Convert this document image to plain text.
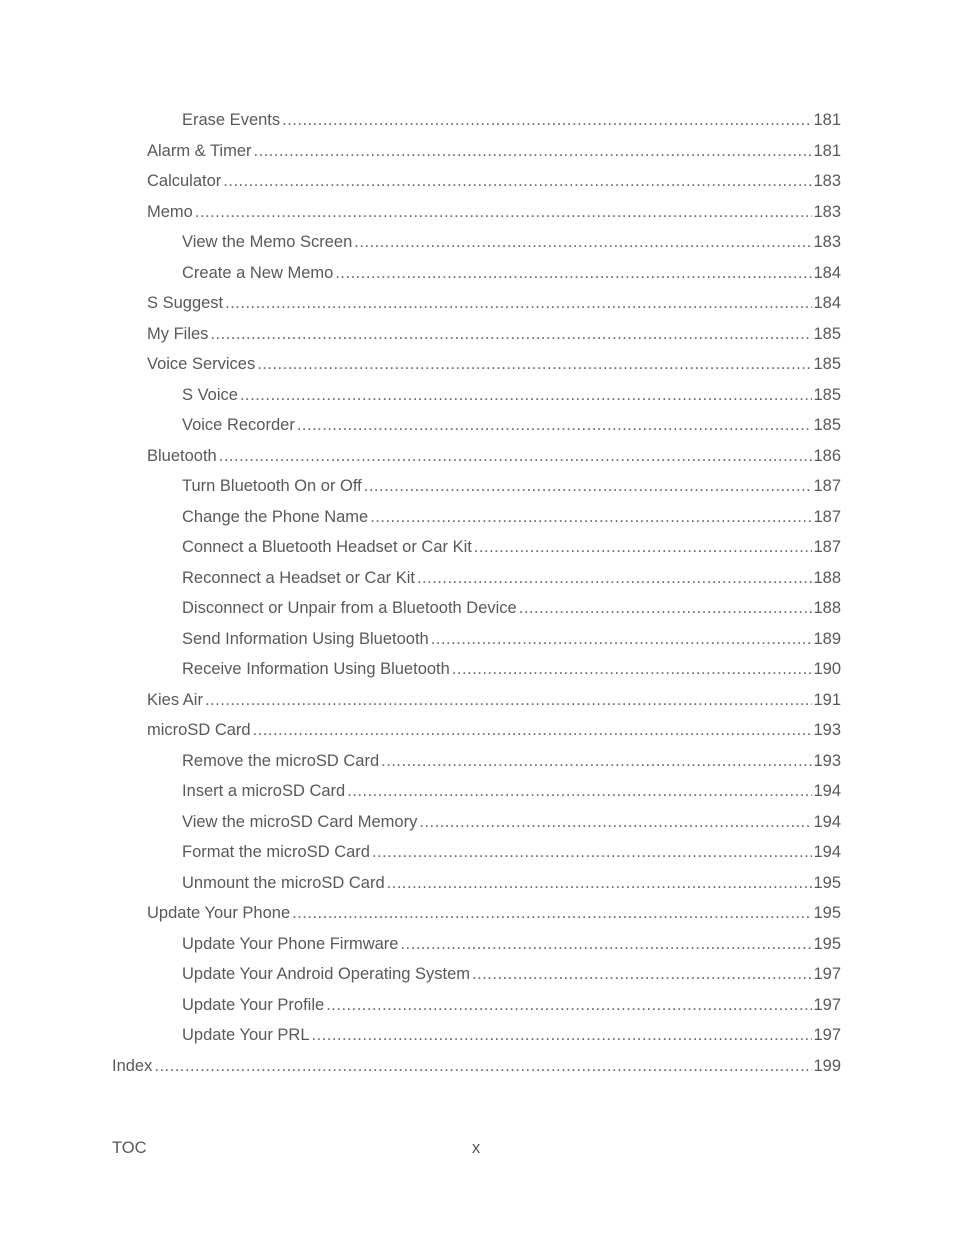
Erase Events .....	181
Alarm & Timer .....	181
Calculator .....	183
Memo .....	183
View the Memo Screen .....	183
Create a New Memo .....	184
S Suggest .....	184
My Files .....	185
Voice Services .....	185
S Voice .....	185
Voice Recorder .....	185
Bluetooth .....	186
Turn Bluetooth On or Off .....	187
Change the Phone Name .....	187
Connect a Bluetooth Headset or Car Kit .....	187
Reconnect a Headset or Car Kit .....	188
Disconnect or Unpair from a Bluetooth Device .....	188
Send Information Using Bluetooth .....	189
Receive Information Using Bluetooth .....	190
Kies Air .....	191
microSD Card .....	193
Remove the microSD Card .....	193
Insert a microSD Card .....	194
View the microSD Card Memory .....	194
Format the microSD Card .....	194
Unmount the microSD Card .....	195
Update Your Phone .....	195
Update Your Phone Firmware .....	195
Update Your Android Operating System .....	197
Update Your Profile .....	197
Update Your PRL .....	197
Index .....	199
TOC	x
